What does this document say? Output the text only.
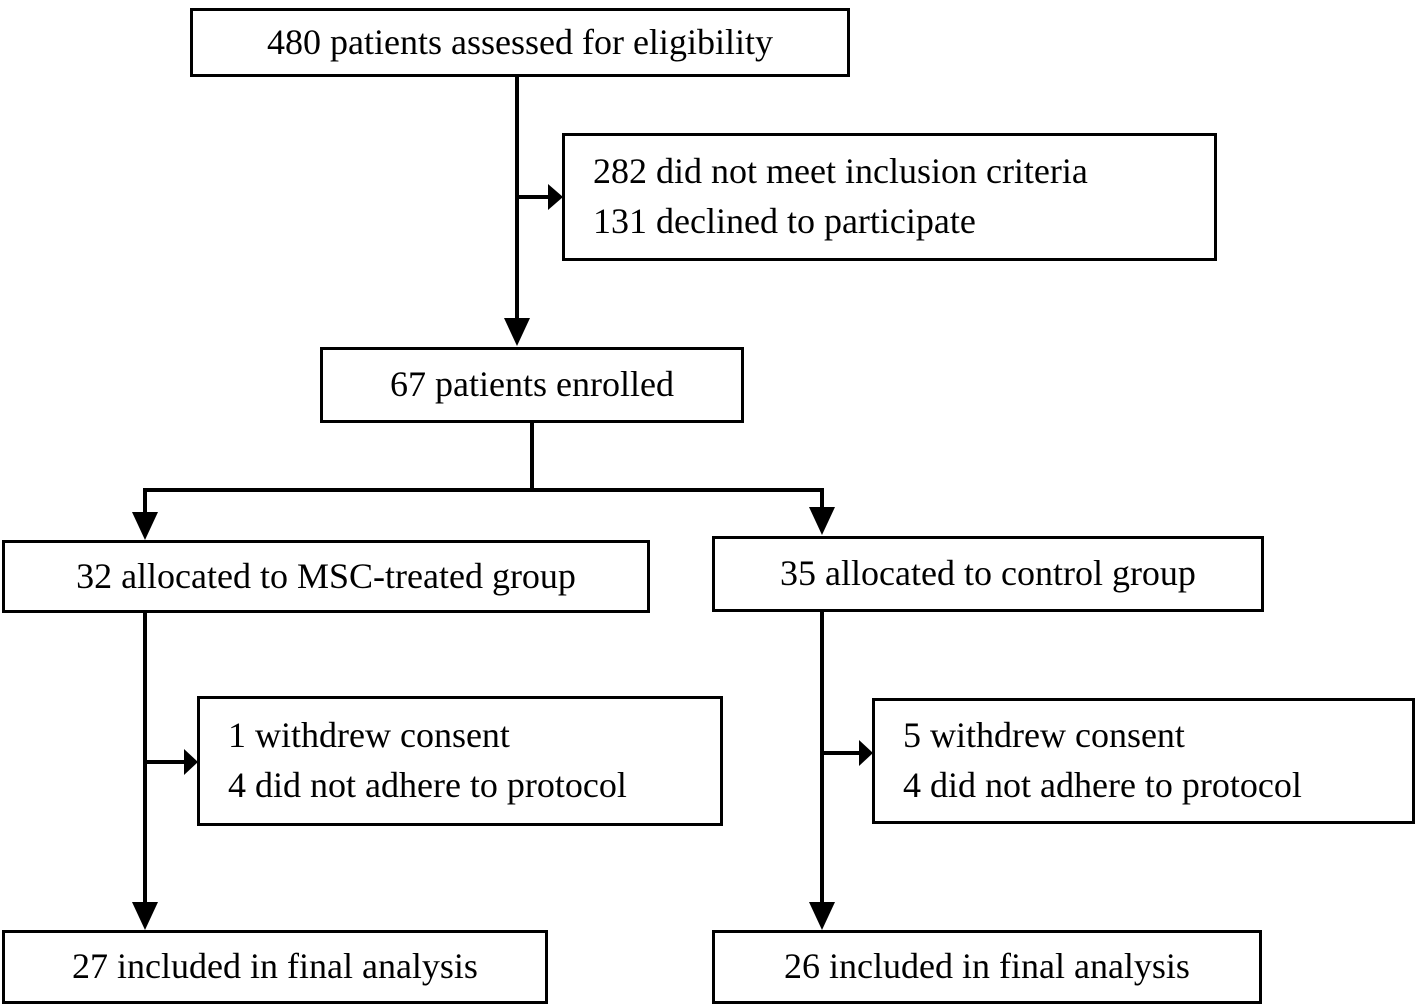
480 patients assessed for eligibility
282 did not meet inclusion criteria
131 declined to participate
67 patients enrolled
32 allocated to MSC-treated group	35 allocated to control group
1 withdrew consent
4 did not adhere to protocol
5 withdrew consent
4 did not adhere to protocol
27 included in final analysis	26 included in final analysis
